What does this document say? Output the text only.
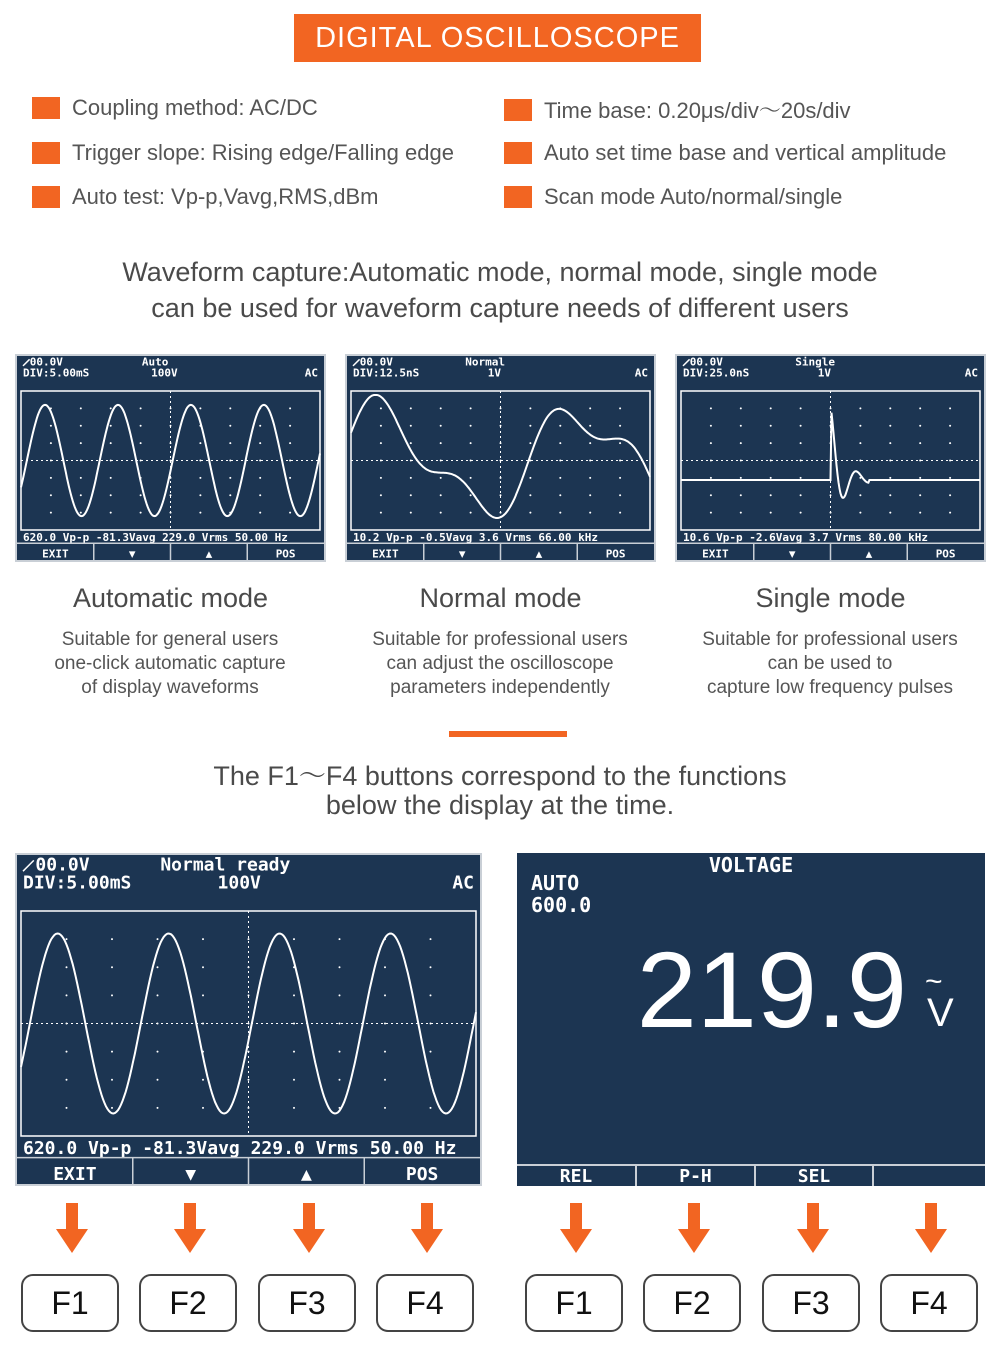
DIGITAL OSCILLOSCOPE
Coupling method: AC/DC	Time base: 0.20μs/div〜20s/div
Trigger slope: Rising edge/Falling edge	Auto set time base and vertical amplitude
Auto test: Vp-p,Vavg,RMS,dBm	Scan mode Auto/normal/single
Waveform capture:Automatic mode, normal mode, single mode
can be used for waveform capture needs of different users
00.0V
DIV:5.00mS
Auto
100V	AC
620.0 Vp-p -81.3Vavg 229.0 Vrms 50.00 Hz
EXIT	▼	▲	POS
00.0V
DIV:12.5nS
Normal
1V	AC
10.2 Vp-p -0.5Vavg 3.6 Vrms 66.00 kHz
EXIT	▼	▲	POS
00.0V
DIV:25.0nS
Single
1V	AC
10.6 Vp-p -2.6Vavg 3.7 Vrms 80.00 kHz
EXIT	▼	▲	POS
Automatic mode	Normal mode	Single mode
Suitable for general users
one-click automatic capture
of display waveforms
Suitable for professional users
can adjust the oscilloscope
parameters independently
Suitable for professional users
can be used to
capture low frequency pulses
The F1〜F4 buttons correspond to the functions
below the display at the time.
00.0V
DIV:5.00mS
Normal ready
100V	AC
620.0 Vp-p -81.3Vavg 229.0 Vrms 50.00 Hz
EXIT	▼	▲	POS
VOLTAGE
AUTO
600.0
219.9 ~
V
REL	P-H	SEL
F1	F2	F3	F4	F1	F2	F3	F4
